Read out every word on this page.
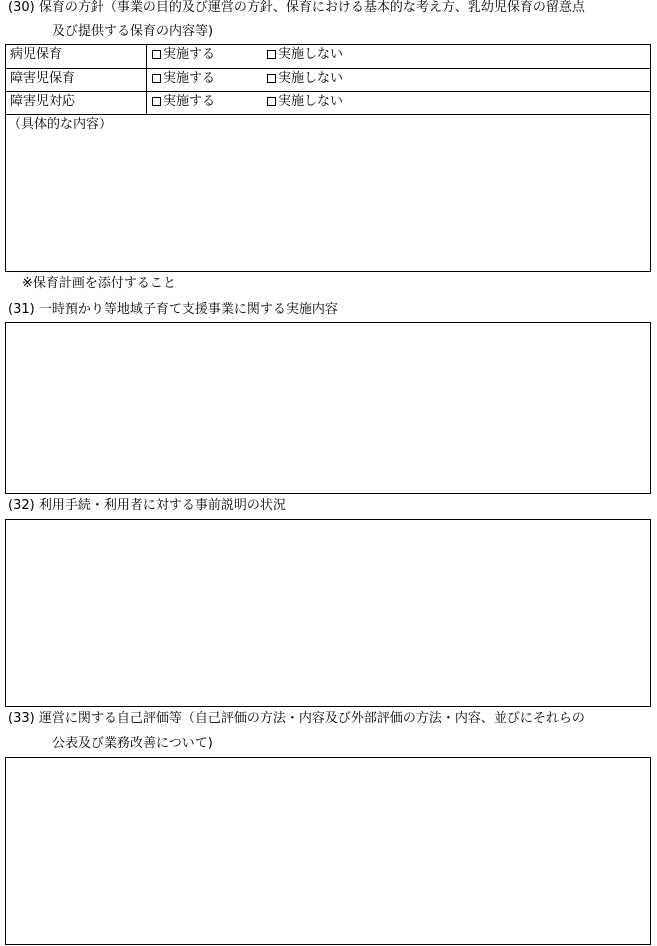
(30) 保育の方針（事業の目的及び運営の方針、保育における基本的な考え方、乳幼児保育の留意点
及び提供する保育の内容等)
病児保育	実施する	実施しない
障害児保育	実施する	実施しない
障害児対応	実施する	実施しない
（具体的な内容）
※保育計画を添付すること
(31) 一時預かり等地域子育て支援事業に関する実施内容
(32) 利用手続・利用者に対する事前説明の状況
(33) 運営に関する自己評価等（自己評価の方法・内容及び外部評価の方法・内容、並びにそれらの
公表及び業務改善について)
